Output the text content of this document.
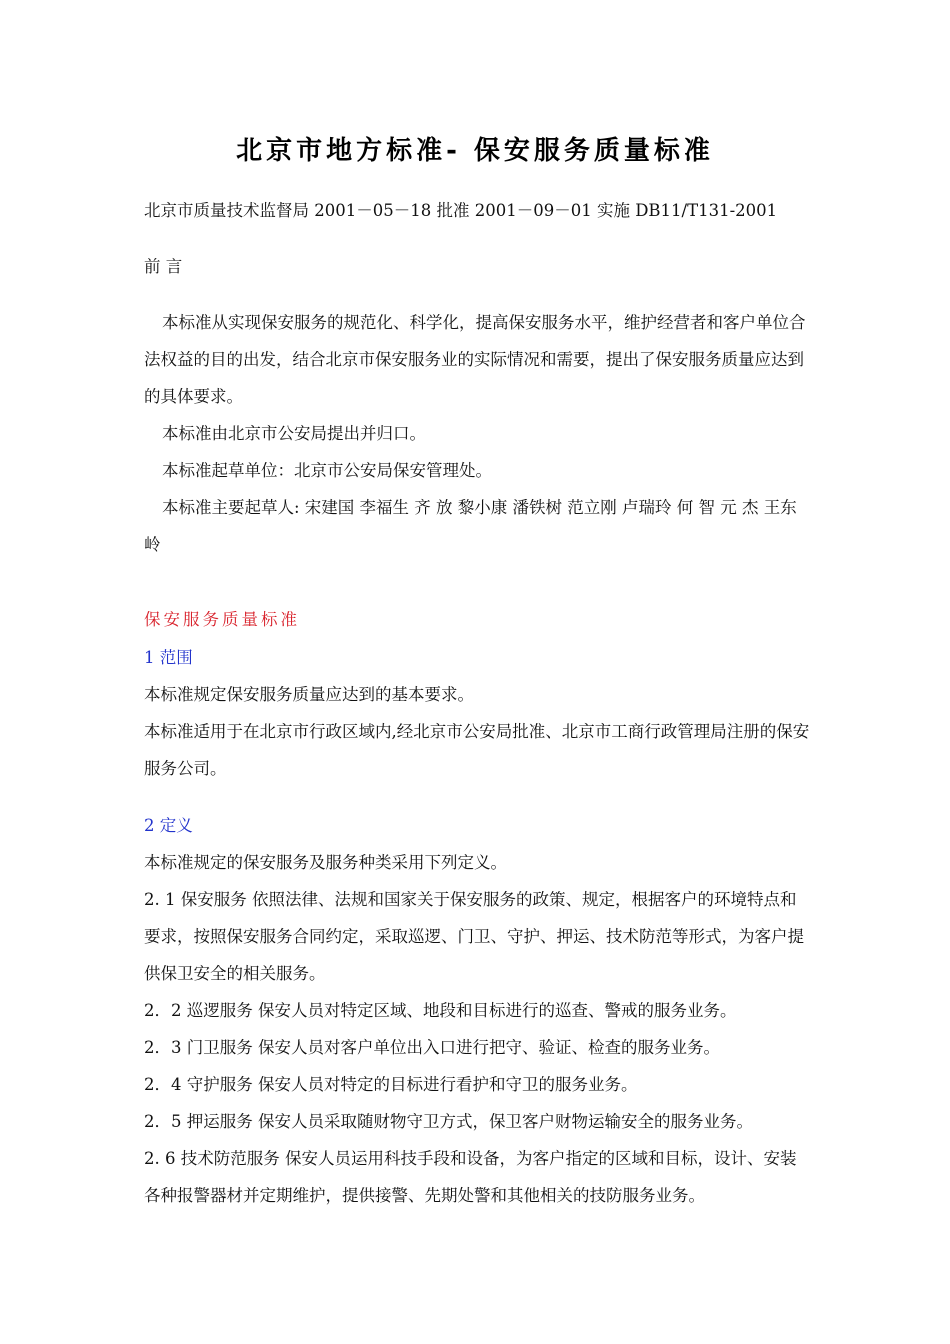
北京市地方标准- 保安服务质量标准
北京市质量技术监督局 2001－05－18 批准 2001－09－01 实施 DB11/T131-2001
前 言
本标准从实现保安服务的规范化、科学化，提高保安服务水平，维护经营者和客户单位合法权益的目的出发，结合北京市保安服务业的实际情况和需要，提出了保安服务质量应达到的具体要求。
本标准由北京市公安局提出并归口。
本标准起草单位：北京市公安局保安管理处。
本标准主要起草人: 宋建国 李福生 齐 放 黎小康 潘铁树 范立刚 卢瑞玲 何 智 元 杰 王东岭
保安服务质量标准
1 范围
本标准规定保安服务质量应达到的基本要求。
本标准适用于在北京市行政区域内,经北京市公安局批准、北京市工商行政管理局注册的保安服务公司。
2 定义
本标准规定的保安服务及服务种类采用下列定义。
2. 1 保安服务 依照法律、法规和国家关于保安服务的政策、规定，根据客户的环境特点和要求，按照保安服务合同约定，采取巡逻、门卫、守护、押运、技术防范等形式，为客户提供保卫安全的相关服务。
2．2 巡逻服务 保安人员对特定区域、地段和目标进行的巡查、警戒的服务业务。
2．3 门卫服务 保安人员对客户单位出入口进行把守、验证、检查的服务业务。
2．4 守护服务 保安人员对特定的目标进行看护和守卫的服务业务。
2．5 押运服务 保安人员采取随财物守卫方式，保卫客户财物运输安全的服务业务。
2. 6 技术防范服务 保安人员运用科技手段和设备，为客户指定的区域和目标，设计、安装各种报警器材并定期维护，提供接警、先期处警和其他相关的技防服务业务。
